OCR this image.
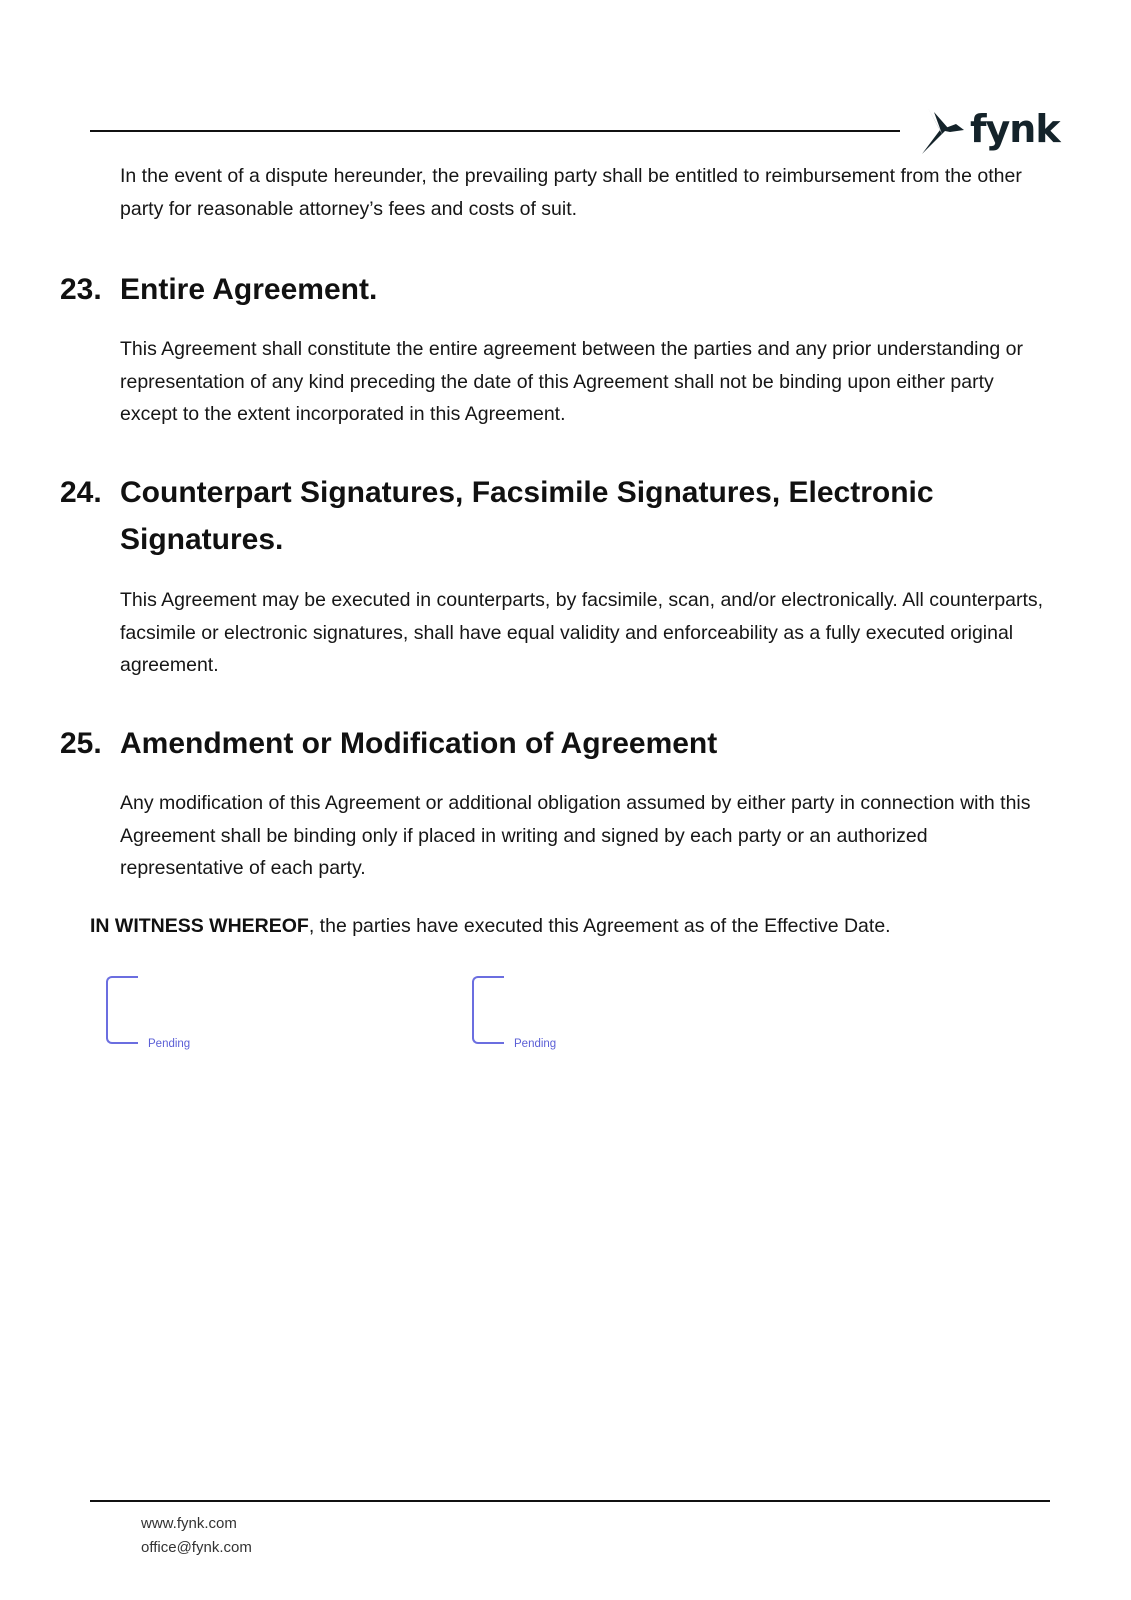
fynk
In the event of a dispute hereunder, the prevailing party shall be entitled to reimbursement from the other party for reasonable attorney’s fees and costs of suit.
23. Entire Agreement.
This Agreement shall constitute the entire agreement between the parties and any prior understanding or representation of any kind preceding the date of this Agreement shall not be binding upon either party except to the extent incorporated in this Agreement.
24. Counterpart Signatures, Facsimile Signatures, Electronic Signatures.
This Agreement may be executed in counterparts, by facsimile, scan, and/or electronically. All counterparts, facsimile or electronic signatures, shall have equal validity and enforceability as a fully executed original agreement.
25. Amendment or Modification of Agreement
Any modification of this Agreement or additional obligation assumed by either party in connection with this Agreement shall be binding only if placed in writing and signed by each party or an authorized representative of each party.
IN WITNESS WHEREOF, the parties have executed this Agreement as of the Effective Date.
Pending	Pending
www.fynk.com
office@fynk.com
